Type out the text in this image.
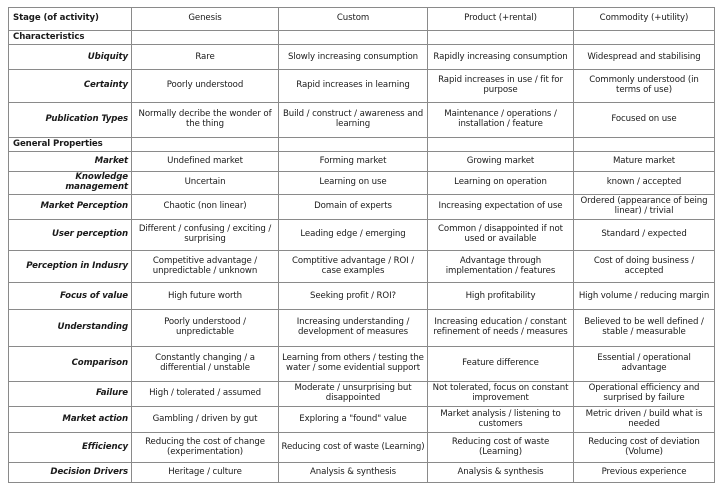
Stage (of activity)	Genesis	Custom	Product (+rental)	Commodity (+utility)
Characteristics				
Ubiquity	Rare	Slowly increasing consumption	Rapidly increasing consumption	Widespread and stabilising
Certainty	Poorly understood	Rapid increases in learning	Rapid increases in use / fit for purpose	Commonly understood (in terms of use)
Publication Types	Normally decribe the wonder of the thing	Build / construct / awareness and learning	Maintenance / operations / installation / feature	Focused on use
General Properties				
Market	Undefined market	Forming market	Growing market	Mature market
Knowledge management	Uncertain	Learning on use	Learning on operation	known / accepted
Market Perception	Chaotic (non linear)	Domain of experts	Increasing expectation of use	Ordered (appearance of being linear) / trivial
User perception	Different / confusing / exciting / surprising	Leading edge / emerging	Common / disappointed if not used or available	Standard / expected
Perception in Indusry	Competitive advantage / unpredictable / unknown	Comptitive advantage / ROI / case examples	Advantage through implementation / features	Cost of doing business / accepted
Focus of value	High future worth	Seeking profit / ROI?	High profitability	High volume / reducing margin
Understanding	Poorly understood / unpredictable	Increasing understanding / development of measures	Increasing education / constant refinement of needs / measures	Believed to be well defined / stable / measurable
Comparison	Constantly changing / a differential / unstable	Learning from others / testing the water / some evidential support	Feature difference	Essential / operational advantage
Failure	High / tolerated / assumed	Moderate / unsurprising but disappointed	Not tolerated, focus on constant improvement	Operational efficiency and surprised by failure
Market action	Gambling / driven by gut	Exploring a "found" value	Market analysis / listening to customers	Metric driven / build what is needed
Efficiency	Reducing the cost of change (experimentation)	Reducing cost of waste (Learning)	Reducing cost of waste (Learning)	Reducing cost of deviation (Volume)
Decision Drivers	Heritage / culture	Analysis & synthesis	Analysis & synthesis	Previous experience
